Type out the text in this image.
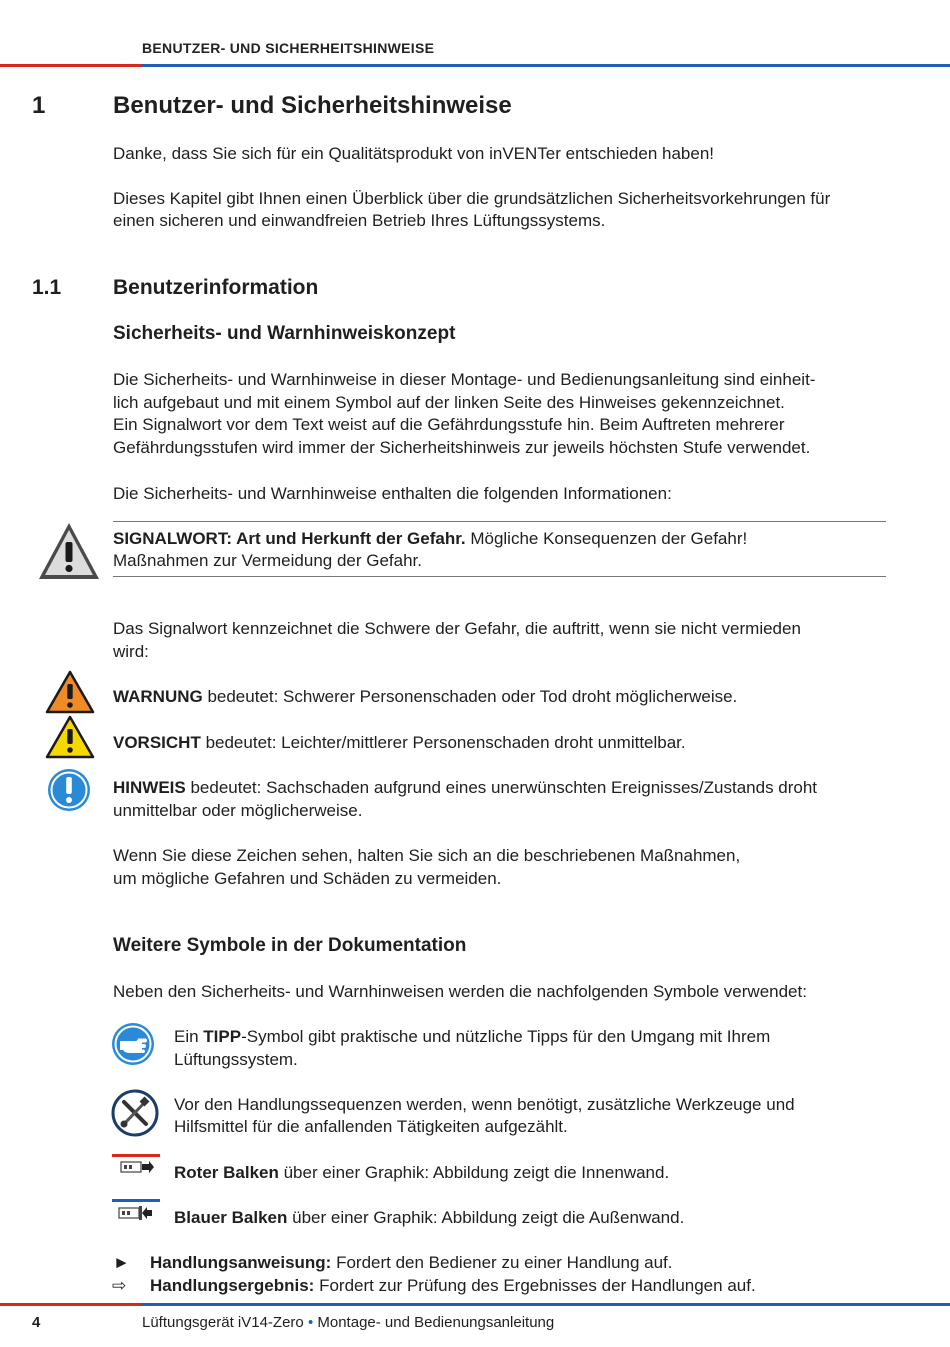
BENUTZER- UND SICHERHEITSHINWEISE
1	Benutzer- und Sicherheitshinweise
Danke, dass Sie sich für ein Qualitätsprodukt von inVENTer entschieden haben!
Dieses Kapitel gibt Ihnen einen Überblick über die grundsätzlichen Sicherheitsvorkehrungen für
einen sicheren und einwandfreien Betrieb Ihres Lüftungssystems.
1.1 Benutzerinformation
Sicherheits- und Warnhinweiskonzept
Die Sicherheits- und Warnhinweise in dieser Montage- und Bedienungsanleitung sind einheit-
lich aufgebaut und mit einem Symbol auf der linken Seite des Hinweises gekennzeichnet.
Ein Signalwort vor dem Text weist auf die Gefährdungsstufe hin. Beim Auftreten mehrerer
Gefährdungsstufen wird immer der Sicherheitshinweis zur jeweils höchsten Stufe verwendet.
Die Sicherheits- und Warnhinweise enthalten die folgenden Informationen:
SIGNALWORT: Art und Herkunft der Gefahr. Mögliche Konsequenzen der Gefahr!
Maßnahmen zur Vermeidung der Gefahr.
Das Signalwort kennzeichnet die Schwere der Gefahr, die auftritt, wenn sie nicht vermieden
wird:
WARNUNG bedeutet: Schwerer Personenschaden oder Tod droht möglicherweise.
VORSICHT bedeutet: Leichter/mittlerer Personenschaden droht unmittelbar.
HINWEIS bedeutet: Sachschaden aufgrund eines unerwünschten Ereignisses/Zustands droht
unmittelbar oder möglicherweise.
Wenn Sie diese Zeichen sehen, halten Sie sich an die beschriebenen Maßnahmen,
um mögliche Gefahren und Schäden zu vermeiden.
Weitere Symbole in der Dokumentation
Neben den Sicherheits- und Warnhinweisen werden die nachfolgenden Symbole verwendet:
Ein TIPP-Symbol gibt praktische und nützliche Tipps für den Umgang mit Ihrem
Lüftungssystem.
Vor den Handlungssequenzen werden, wenn benötigt, zusätzliche Werkzeuge und
Hilfsmittel für die anfallenden Tätigkeiten aufgezählt.
Roter Balken über einer Graphik: Abbildung zeigt die Innenwand.
Blauer Balken über einer Graphik: Abbildung zeigt die Außenwand.
► Handlungsanweisung: Fordert den Bediener zu einer Handlung auf.
⇨ Handlungsergebnis: Fordert zur Prüfung des Ergebnisses der Handlungen auf.
4	Lüftungsgerät iV14-Zero • Montage- und Bedienungsanleitung
